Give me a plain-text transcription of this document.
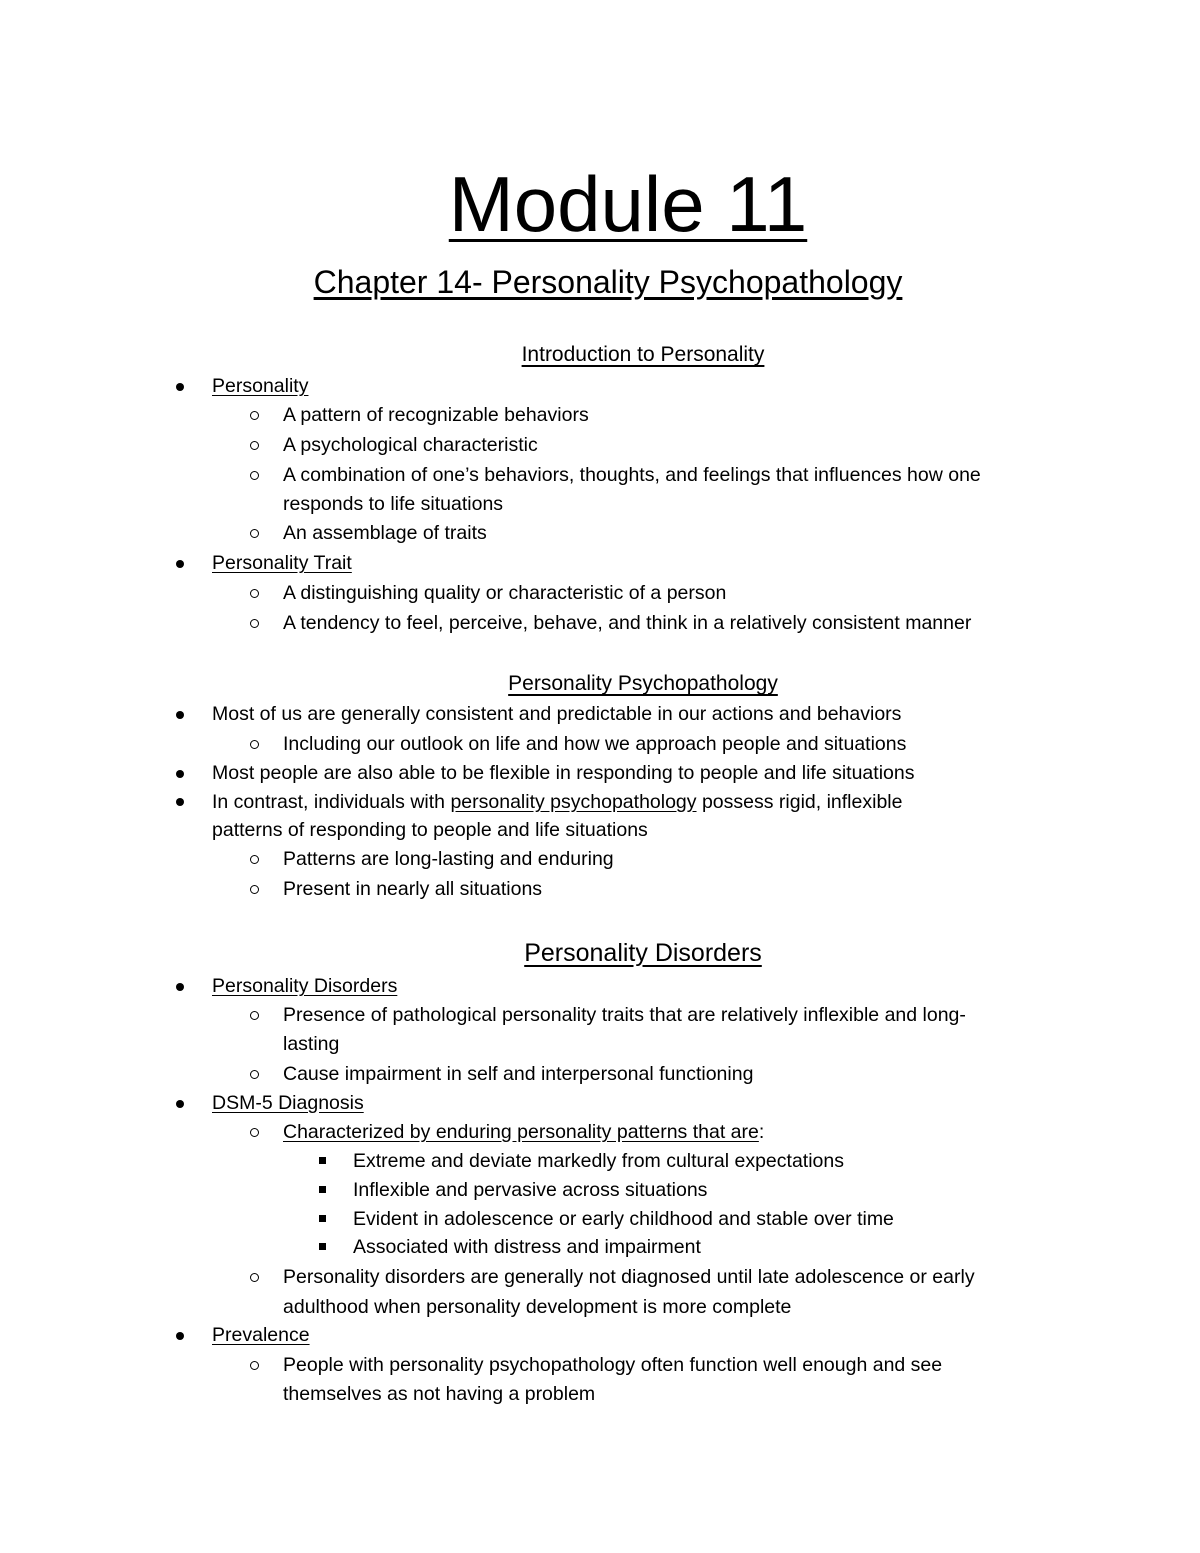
Module 11
Chapter 14- Personality Psychopathology
Introduction to Personality
Personality
A pattern of recognizable behaviors
A psychological characteristic
A combination of one’s behaviors, thoughts, and feelings that influences how one
responds to life situations
An assemblage of traits
Personality Trait
A distinguishing quality or characteristic of a person
A tendency to feel, perceive, behave, and think in a relatively consistent manner
Personality Psychopathology
Most of us are generally consistent and predictable in our actions and behaviors
Including our outlook on life and how we approach people and situations
Most people are also able to be flexible in responding to people and life situations
In contrast, individuals with personality psychopathology possess rigid, inflexible
patterns of responding to people and life situations
Patterns are long-lasting and enduring
Present in nearly all situations
Personality Disorders
Personality Disorders
Presence of pathological personality traits that are relatively inflexible and long-
lasting
Cause impairment in self and interpersonal functioning
DSM-5 Diagnosis
Characterized by enduring personality patterns that are:
Extreme and deviate markedly from cultural expectations
Inflexible and pervasive across situations
Evident in adolescence or early childhood and stable over time
Associated with distress and impairment
Personality disorders are generally not diagnosed until late adolescence or early
adulthood when personality development is more complete
Prevalence
People with personality psychopathology often function well enough and see
themselves as not having a problem
